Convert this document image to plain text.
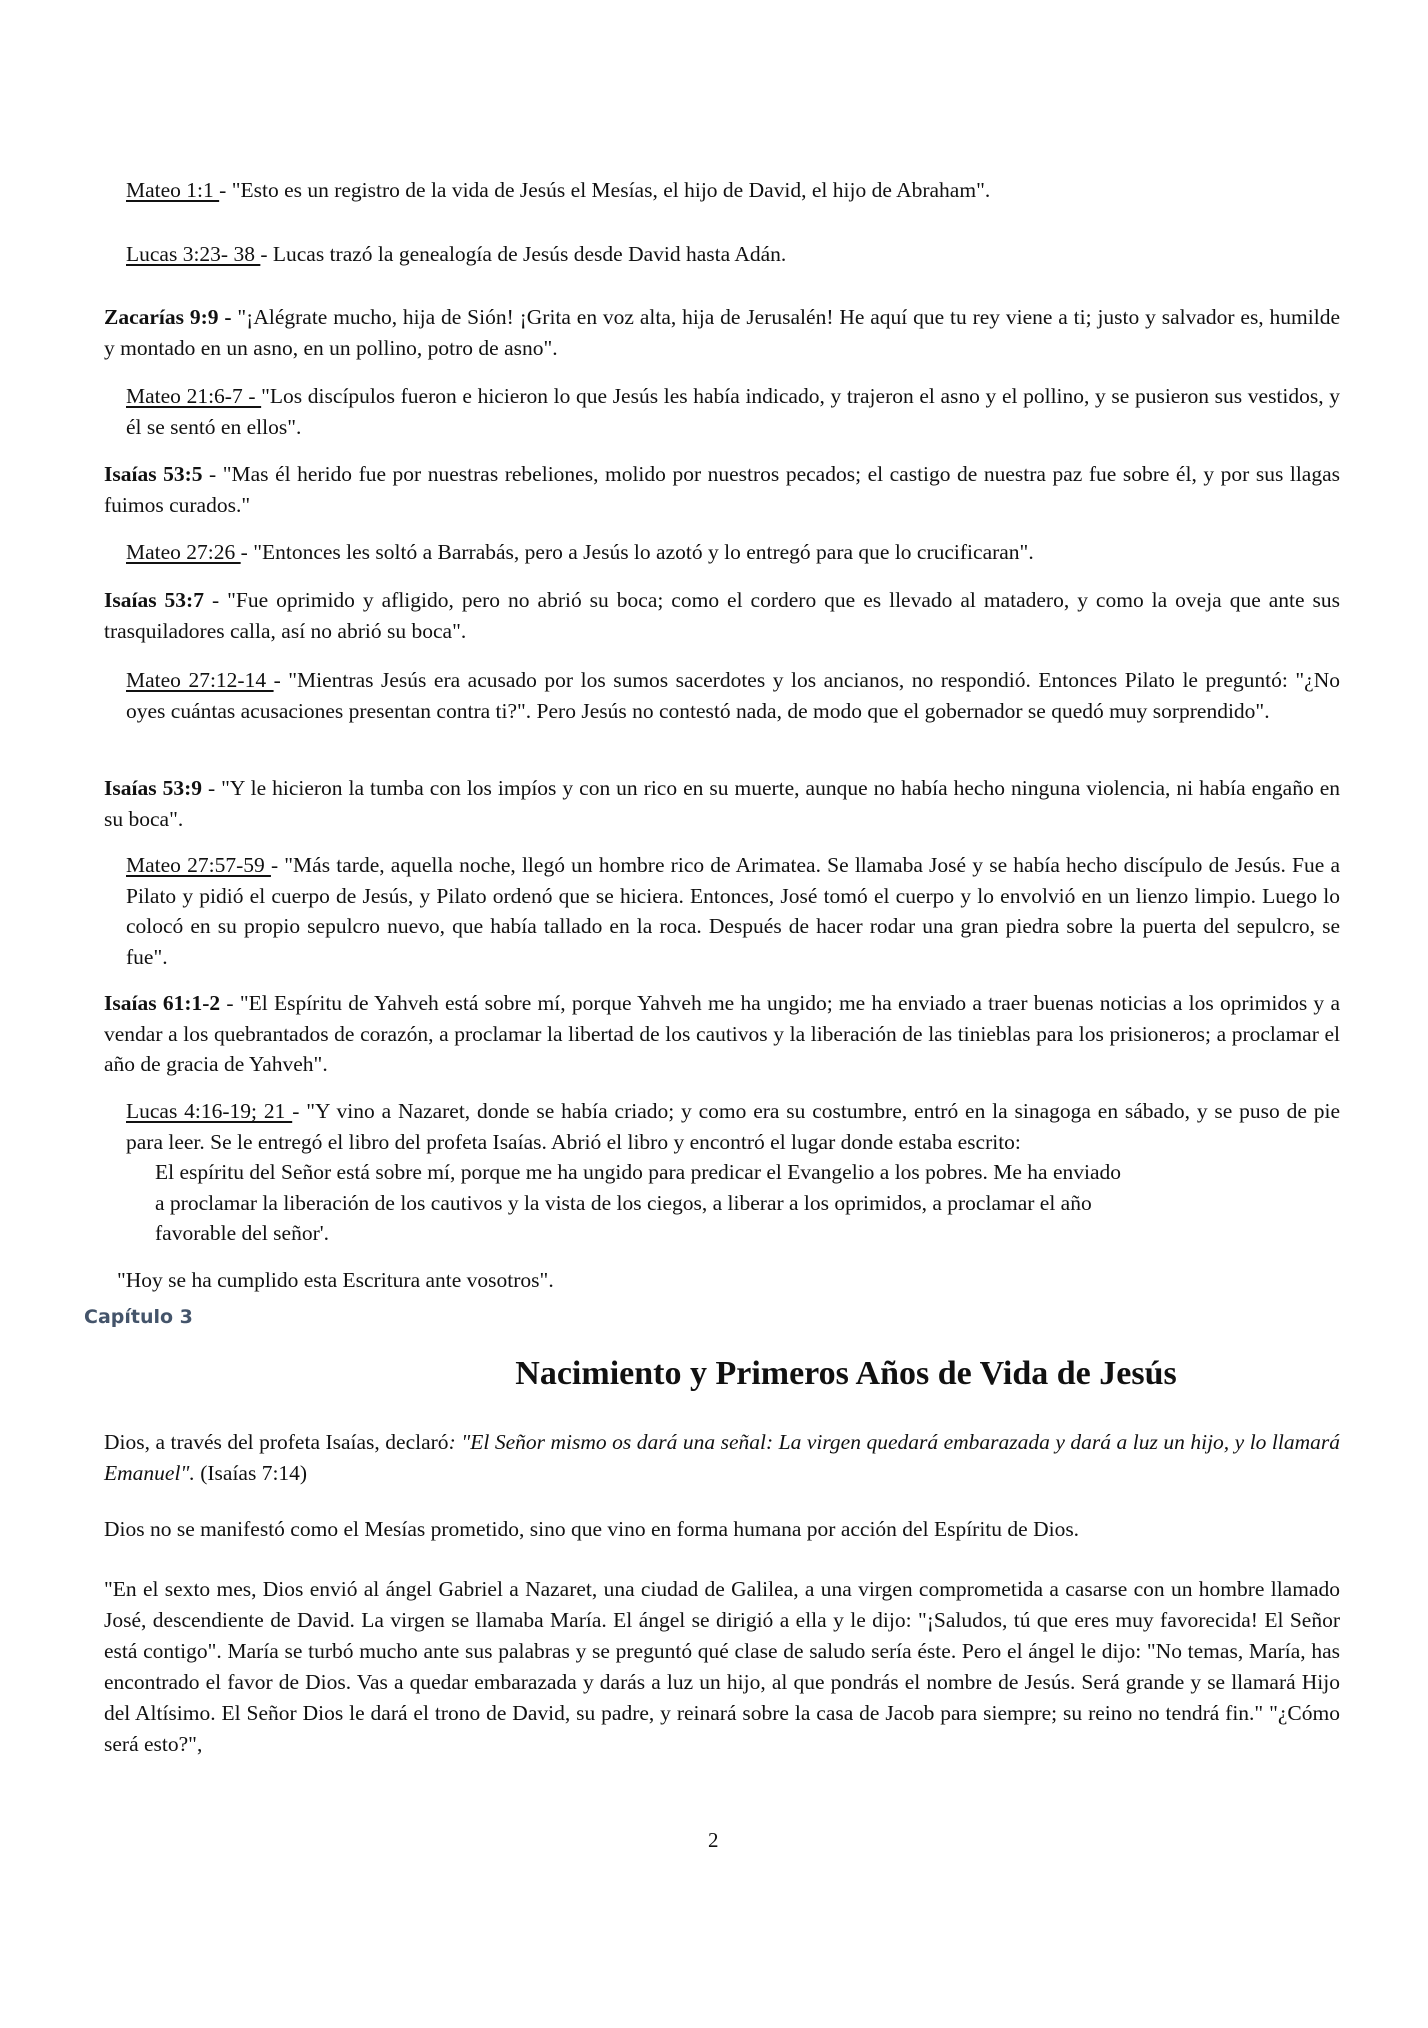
Mateo 1:1 - "Esto es un registro de la vida de Jesús el Mesías, el hijo de David, el hijo de Abraham".

Lucas 3:23- 38 - Lucas trazó la genealogía de Jesús desde David hasta Adán.

Zacarías 9:9 - "¡Alégrate mucho, hija de Sión! ¡Grita en voz alta, hija de Jerusalén! He aquí que tu rey viene a ti; justo y salvador es, humilde y montado en un asno, en un pollino, potro de asno".

Mateo 21:6-7 - "Los discípulos fueron e hicieron lo que Jesús les había indicado, y trajeron el asno y el pollino, y se pusieron sus vestidos, y él se sentó en ellos".

Isaías 53:5 - "Mas él herido fue por nuestras rebeliones, molido por nuestros pecados; el castigo de nuestra paz fue sobre él, y por sus llagas fuimos curados."

Mateo 27:26 - "Entonces les soltó a Barrabás, pero a Jesús lo azotó y lo entregó para que lo crucificaran".

Isaías 53:7 - "Fue oprimido y afligido, pero no abrió su boca; como el cordero que es llevado al matadero, y como la oveja que ante sus trasquiladores calla, así no abrió su boca".

Mateo 27:12-14 - "Mientras Jesús era acusado por los sumos sacerdotes y los ancianos, no respondió. Entonces Pilato le preguntó: "¿No oyes cuántas acusaciones presentan contra ti?". Pero Jesús no contestó nada, de modo que el gobernador se quedó muy sorprendido".

Isaías 53:9 - "Y le hicieron la tumba con los impíos y con un rico en su muerte, aunque no había hecho ninguna violencia, ni había engaño en su boca".

Mateo 27:57-59 - "Más tarde, aquella noche, llegó un hombre rico de Arimatea. Se llamaba José y se había hecho discípulo de Jesús. Fue a Pilato y pidió el cuerpo de Jesús, y Pilato ordenó que se hiciera. Entonces, José tomó el cuerpo y lo envolvió en un lienzo limpio. Luego lo colocó en su propio sepulcro nuevo, que había tallado en la roca. Después de hacer rodar una gran piedra sobre la puerta del sepulcro, se fue".

Isaías 61:1-2 - "El Espíritu de Yahveh está sobre mí, porque Yahveh me ha ungido; me ha enviado a traer buenas noticias a los oprimidos y a vendar a los quebrantados de corazón, a proclamar la libertad de los cautivos y la liberación de las tinieblas para los prisioneros; a proclamar el año de gracia de Yahveh".

Lucas 4:16-19; 21 - "Y vino a Nazaret, donde se había criado; y como era su costumbre, entró en la sinagoga en sábado, y se puso de pie para leer. Se le entregó el libro del profeta Isaías. Abrió el libro y encontró el lugar donde estaba escrito:

El espíritu del Señor está sobre mí, porque me ha ungido para predicar el Evangelio a los pobres. Me ha enviado
a proclamar la liberación de los cautivos y la vista de los ciegos, a liberar a los oprimidos, a proclamar el año
favorable del señor'.

"Hoy se ha cumplido esta Escritura ante vosotros".

Capítulo 3
Nacimiento y Primeros Años de Vida de Jesús

Dios, a través del profeta Isaías, declaró: "El Señor mismo os dará una señal: La virgen quedará embarazada y dará a luz un hijo, y lo llamará Emanuel". (Isaías 7:14)

Dios no se manifestó como el Mesías prometido, sino que vino en forma humana por acción del Espíritu de Dios.

"En el sexto mes, Dios envió al ángel Gabriel a Nazaret, una ciudad de Galilea, a una virgen comprometida a casarse con un hombre llamado José, descendiente de David. La virgen se llamaba María. El ángel se dirigió a ella y le dijo: "¡Saludos, tú que eres muy favorecida! El Señor está contigo". María se turbó mucho ante sus palabras y se preguntó qué clase de saludo sería éste. Pero el ángel le dijo: "No temas, María, has encontrado el favor de Dios. Vas a quedar embarazada y darás a luz un hijo, al que pondrás el nombre de Jesús. Será grande y se llamará Hijo del Altísimo. El Señor Dios le dará el trono de David, su padre, y reinará sobre la casa de Jacob para siempre; su reino no tendrá fin." "¿Cómo será esto?",

2
